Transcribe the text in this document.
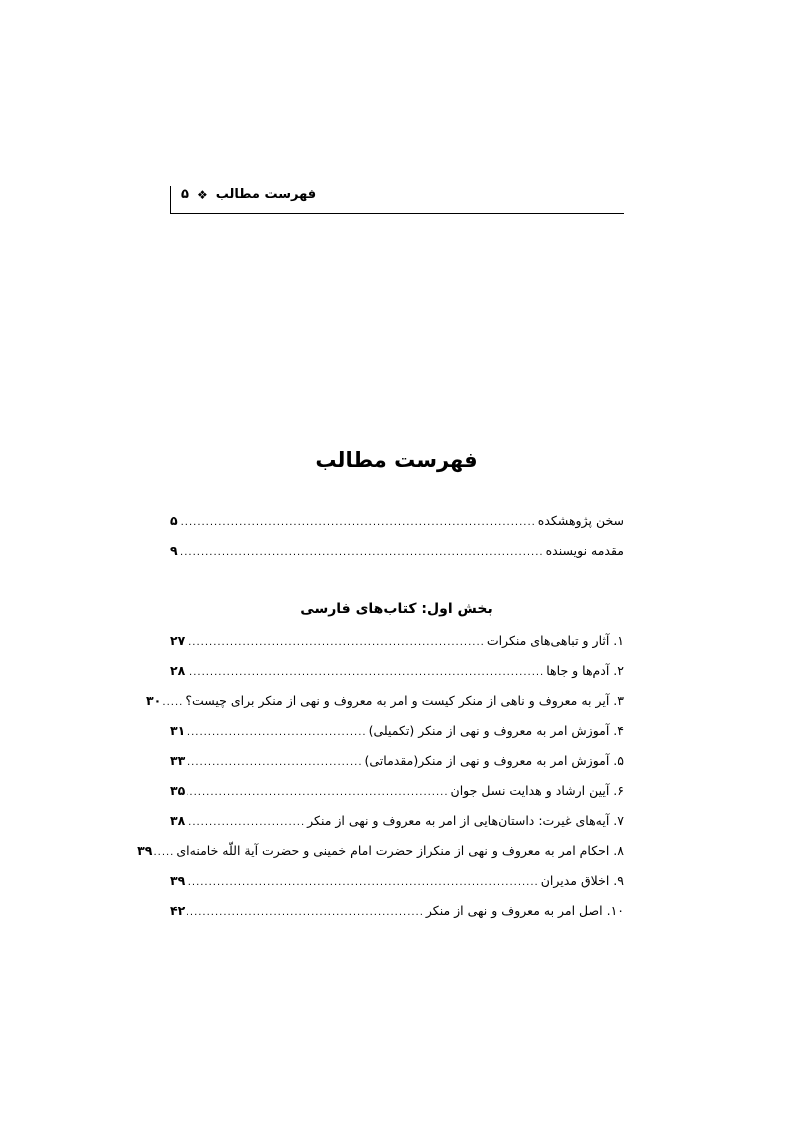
فهرست مطالب
❖
۵
فهرست مطالب
سخن پژوهشکده
.....
۵
مقدمه نویسنده
.....
۹
بخش اول: کتاب‌های فارسی
۱. آثار و تباهی‌های منکرات
.....
۲۷
۲. آدم‌ها و جاها
.....
۲۸
۳. آیر به معروف و ناهی از منکر کیست و امر به معروف و نهی از منکر برای چیست؟
.....
۳۰
۴. آموزش امر به معروف و نهی از منکر (تکمیلی)
.....
۳۱
۵. آموزش امر به معروف و نهی از منکر(مقدماتی)
.....
۳۳
۶. آیین ارشاد و هدایت نسل جوان
.....
۳۵
۷. آیه‌های غیرت: داستان‌هایی از امر به معروف و نهی از منکر
.....
۳۸
۸. احکام امر به معروف و نهی از منکراز حضرت امام خمینی و حضرت آیة اللّه خامنه‌ای
.....
۳۹
۹. اخلاق مدیران
.....
۳۹
۱۰. اصل امر به معروف و نهی از منکر
.....
۴۲
